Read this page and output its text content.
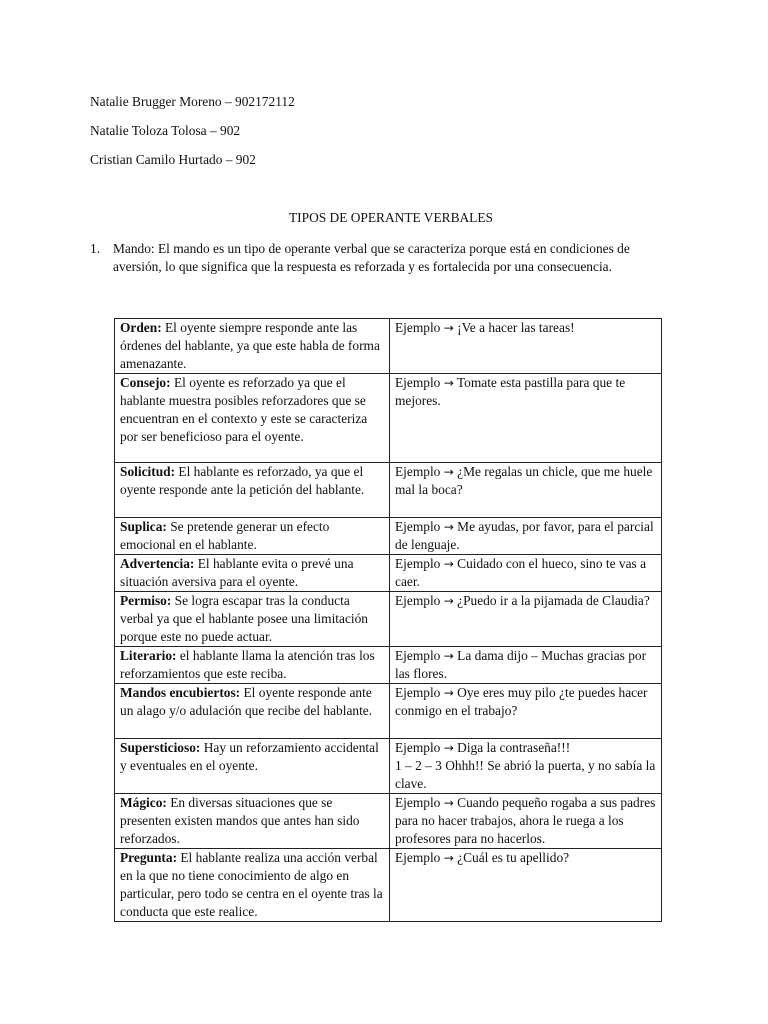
Natalie Brugger Moreno – 902172112
Natalie Toloza Tolosa – 902
Cristian Camilo Hurtado – 902
TIPOS DE OPERANTE VERBALES
1. Mando: El mando es un tipo de operante verbal que se caracteriza porque está en condiciones de aversión, lo que significa que la respuesta es reforzada y es fortalecida por una consecuencia.
Orden: El oyente siempre responde ante las órdenes del hablante, ya que este habla de forma amenazante.	Ejemplo → ¡Ve a hacer las tareas!
Consejo: El oyente es reforzado ya que el hablante muestra posibles reforzadores que se encuentran en el contexto y este se caracteriza por ser beneficioso para el oyente.	Ejemplo → Tomate esta pastilla para que te mejores.
Solicitud: El hablante es reforzado, ya que el oyente responde ante la petición del hablante.	Ejemplo → ¿Me regalas un chicle, que me huele mal la boca?
Suplica: Se pretende generar un efecto emocional en el hablante.	Ejemplo → Me ayudas, por favor, para el parcial de lenguaje.
Advertencia: El hablante evita o prevé una situación aversiva para el oyente.	Ejemplo → Cuidado con el hueco, sino te vas a caer.
Permiso: Se logra escapar tras la conducta verbal ya que el hablante posee una limitación porque este no puede actuar.	Ejemplo → ¿Puedo ir a la pijamada de Claudia?
Literario: el hablante llama la atención tras los reforzamientos que este reciba.	Ejemplo → La dama dijo – Muchas gracias por las flores.
Mandos encubiertos: El oyente responde ante un alago y/o adulación que recibe del hablante.	Ejemplo → Oye eres muy pilo ¿te puedes hacer conmigo en el trabajo?
Supersticioso: Hay un reforzamiento accidental y eventuales en el oyente.	Ejemplo → Diga la contraseña!!!
1 – 2 – 3 Ohhh!! Se abrió la puerta, y no sabía la clave.

Mágico: En diversas situaciones que se presenten existen mandos que antes han sido reforzados.	Ejemplo → Cuando pequeño rogaba a sus padres para no hacer trabajos, ahora le ruega a los profesores para no hacerlos.
Pregunta: El hablante realiza una acción verbal en la que no tiene conocimiento de algo en particular, pero todo se centra en el oyente tras la conducta que este realice.	Ejemplo → ¿Cuál es tu apellido?
